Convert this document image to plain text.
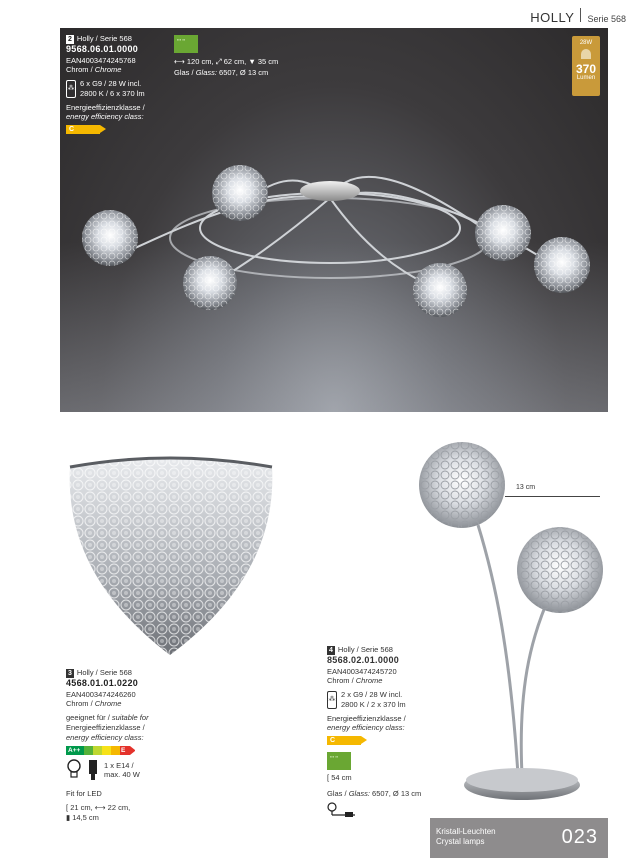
HOLLY Serie 568
2 Holly / Serie 568
9568.06.01.0000
EAN4003474245768
Chrom / Chrome
⁂
6 x G9 / 28 W incl.
2800 K / 6 x 370 lm
Energieeffizienzklasse /
energy efficiency class:
C
▪▪▪ ▪▪
⟷ 120 cm, ⤢ 62 cm, ▼ 35 cm
Glas / Glass: 6507, Ø 13 cm
28W
370
Lumen
3 Holly / Serie 568
4568.01.01.0220
EAN4003474246260
Chrom / Chrome
geeignet für / suitable for
Energieeffizienzklasse /
energy efficiency class:
A++	E
1 x E14 /
max. 40 W
Fit for LED
[ 21 cm, ⟷ 22 cm,
▮ 14,5 cm
13 cm
4 Holly / Serie 568
8568.02.01.0000
EAN4003474245720
Chrom / Chrome
⁂
2 x G9 / 28 W incl.
2800 K / 2 x 370 lm
Energieeffizienzklasse /
energy efficiency class:
C
▪▪▪ ▪▪
[ 54 cm
Glas / Glass: 6507, Ø 13 cm
Kristall-Leuchten
Crystal lamps	023
